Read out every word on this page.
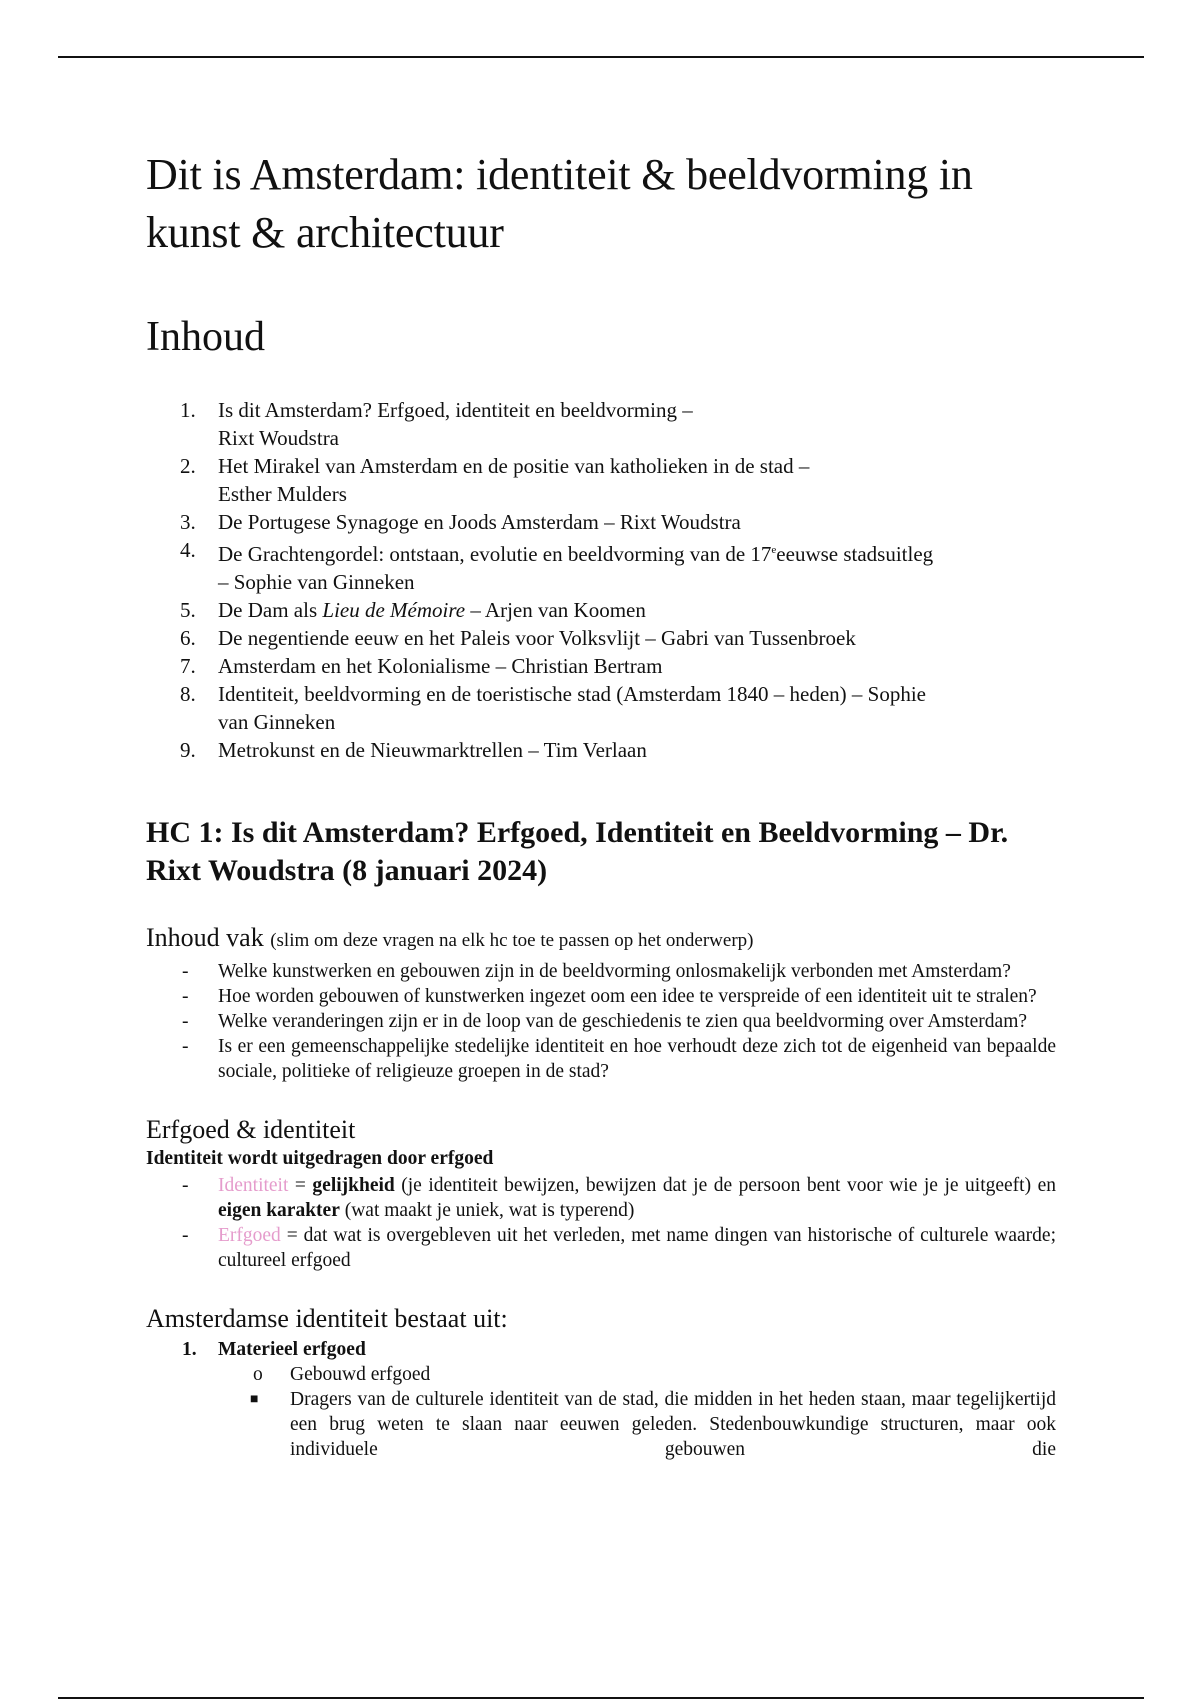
Dit is Amsterdam: identiteit & beeldvorming in kunst & architectuur
Inhoud
1. Is dit Amsterdam? Erfgoed, identiteit en beeldvorming –
Rixt Woudstra
2. Het Mirakel van Amsterdam en de positie van katholieken in de stad –
Esther Mulders
3. De Portugese Synagoge en Joods Amsterdam – Rixt Woudstra
4. De Grachtengordel: ontstaan, evolutie en beeldvorming van de 17eeeuwse stadsuitleg
– Sophie van Ginneken
5. De Dam als Lieu de Mémoire – Arjen van Koomen
6. De negentiende eeuw en het Paleis voor Volksvlijt – Gabri van Tussenbroek
7. Amsterdam en het Kolonialisme – Christian Bertram
8. Identiteit, beeldvorming en de toeristische stad (Amsterdam 1840 – heden) – Sophie
van Ginneken
9. Metrokunst en de Nieuwmarktrellen – Tim Verlaan
HC 1: Is dit Amsterdam? Erfgoed, Identiteit en Beeldvorming – Dr. Rixt Woudstra (8 januari 2024)

Inhoud vak (slim om deze vragen na elk hc toe te passen op het onderwerp)

- Welke kunstwerken en gebouwen zijn in de beeldvorming onlosmakelijk verbonden met Amsterdam?
- Hoe worden gebouwen of kunstwerken ingezet oom een idee te verspreide of een identiteit uit te stralen?
- Welke veranderingen zijn er in de loop van de geschiedenis te zien qua beeldvorming over Amsterdam?
- Is er een gemeenschappelijke stedelijke identiteit en hoe verhoudt deze zich tot de eigenheid van bepaalde sociale, politieke of religieuze groepen in de stad?

Erfgoed & identiteit

Identiteit wordt uitgedragen door erfgoed

- Identiteit = gelijkheid (je identiteit bewijzen, bewijzen dat je de persoon bent voor wie je je uitgeeft) en eigen karakter (wat maakt je uniek, wat is typerend)
- Erfgoed = dat wat is overgebleven uit het verleden, met name dingen van historische of culturele waarde; cultureel erfgoed

Amsterdamse identiteit bestaat uit:

1. Materieel erfgoed
o Gebouwd erfgoed
■ Dragers van de culturele identiteit van de stad, die midden in het heden staan, maar tegelijkertijd een brug weten te slaan naar eeuwen geleden. Stedenbouwkundige structuren, maar ook individuele gebouwen die
